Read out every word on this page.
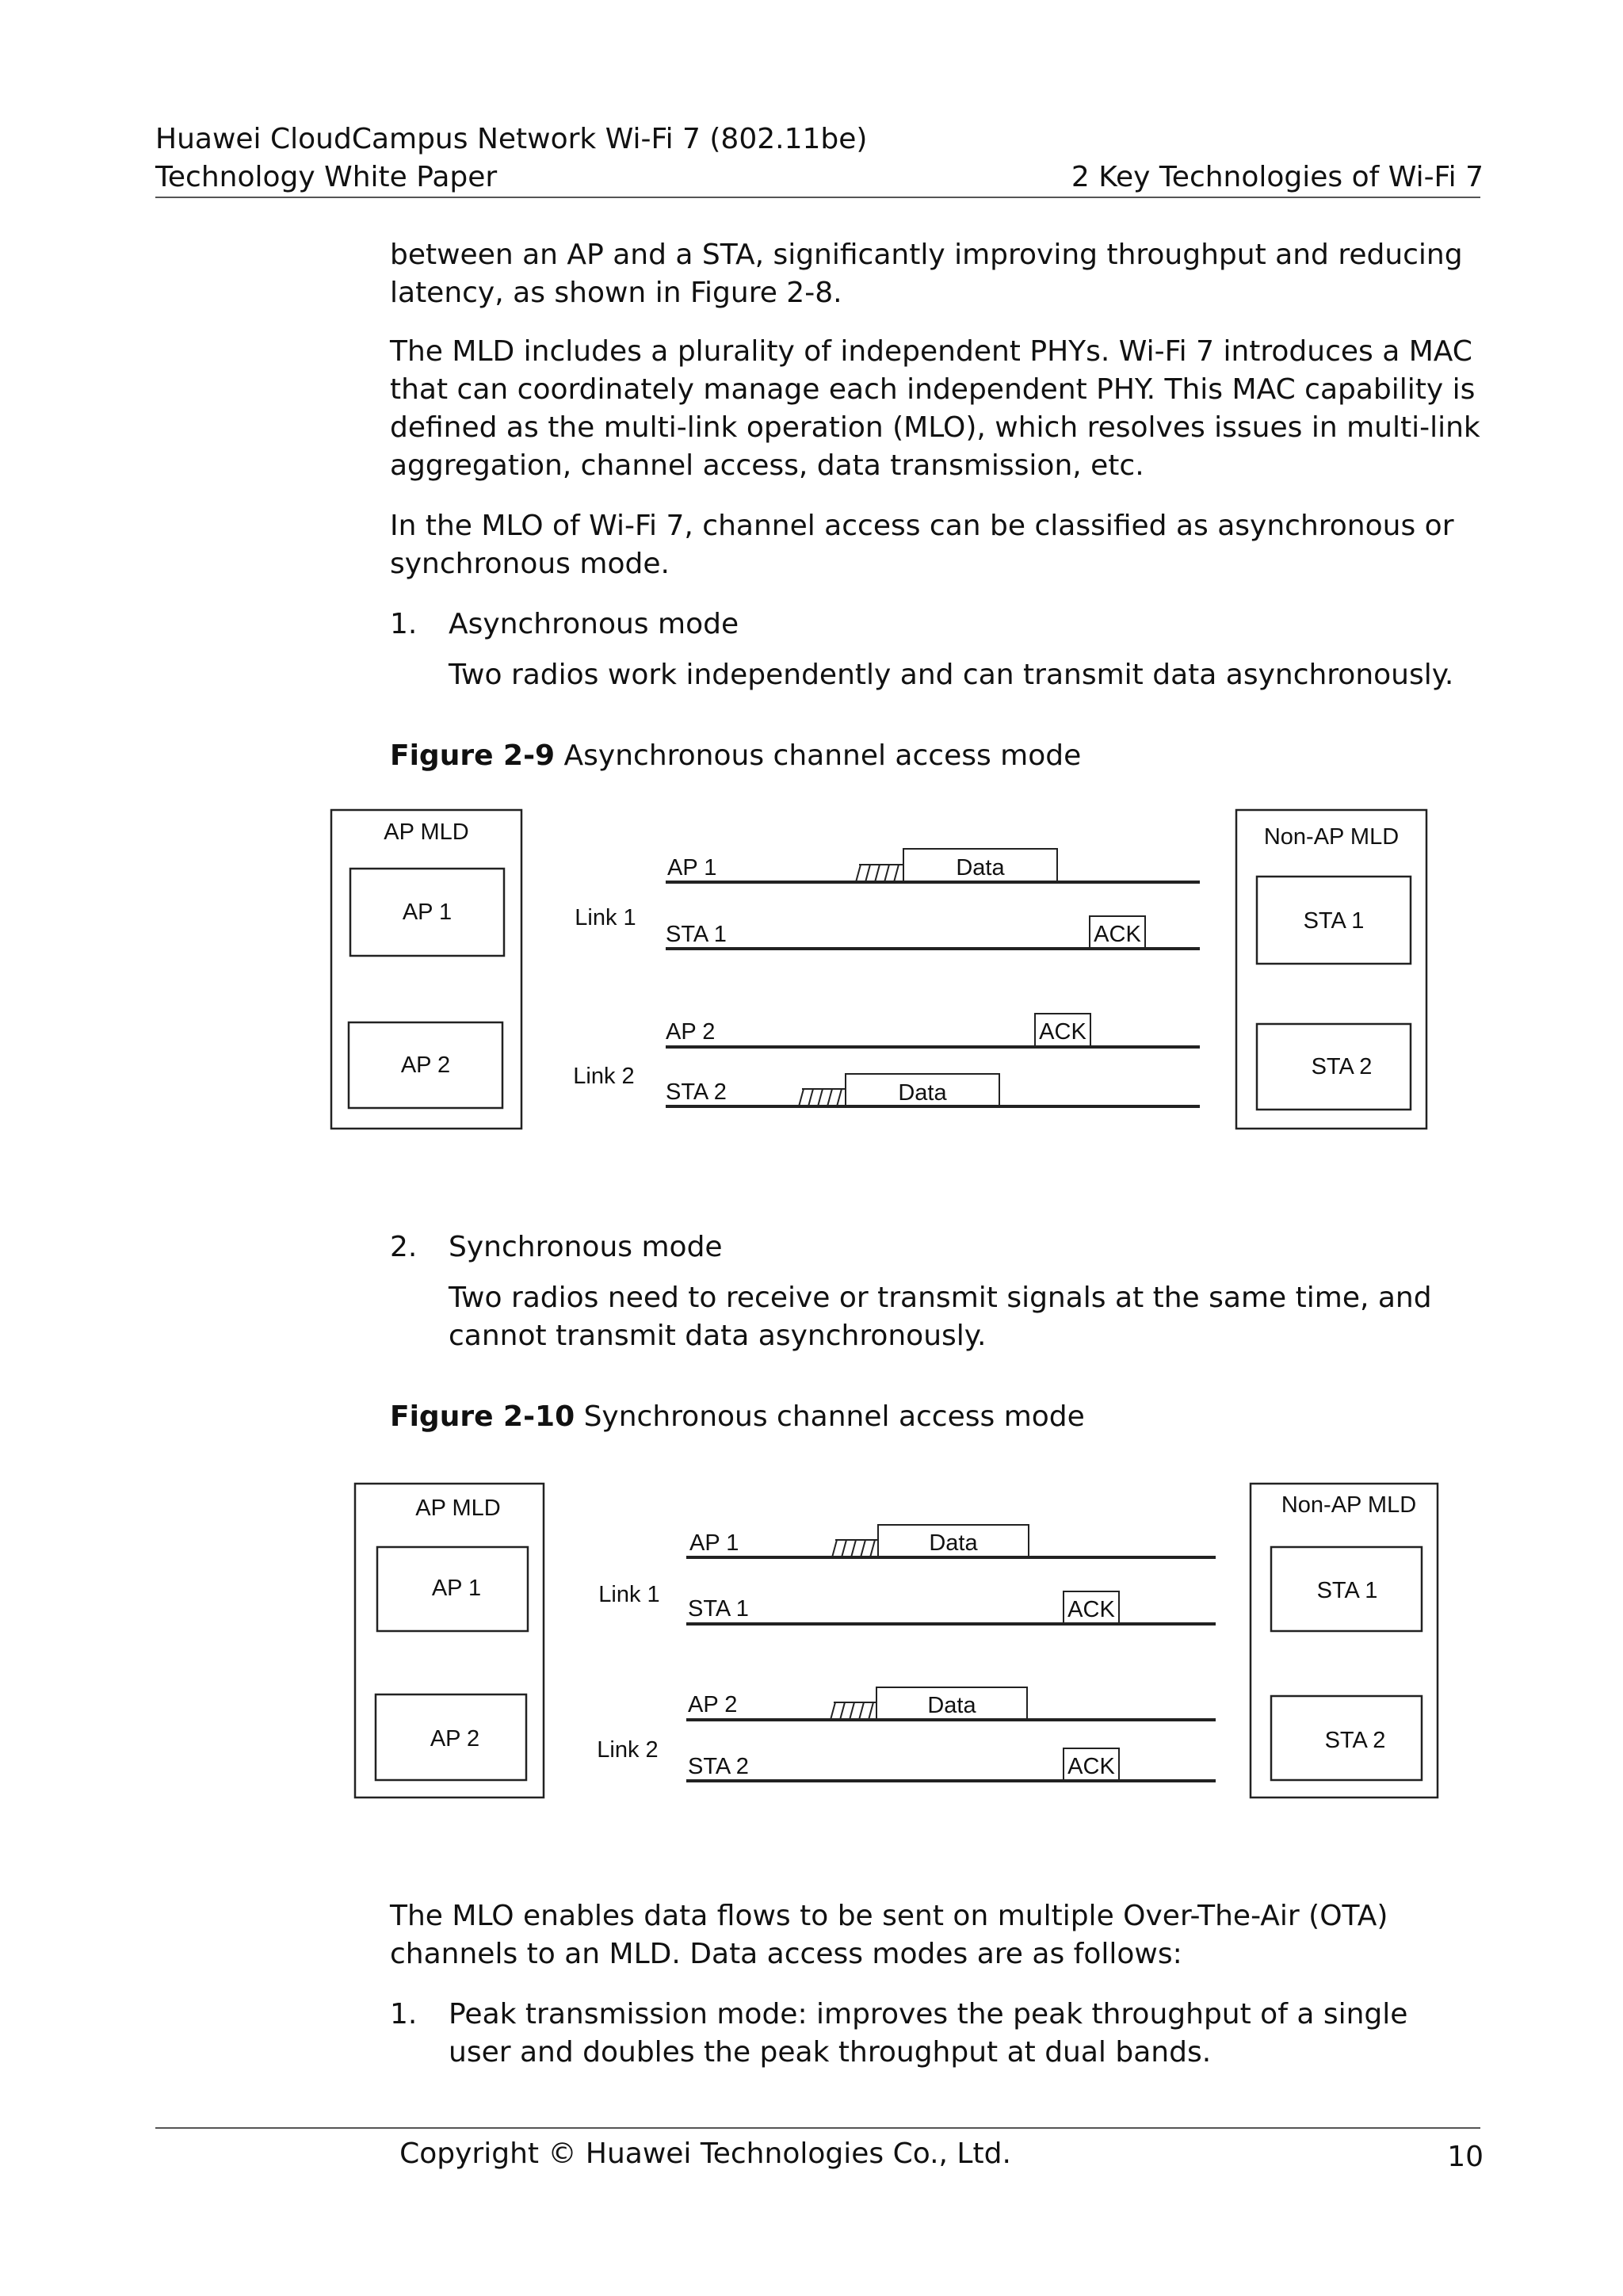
Huawei CloudCampus Network Wi-Fi 7 (802.11be)
Technology White Paper	2 Key Technologies of Wi-Fi 7

between an AP and a STA, significantly improving throughput and reducing latency, as shown in Figure 2-8.

The MLD includes a plurality of independent PHYs. Wi-Fi 7 introduces a MAC that can coordinately manage each independent PHY. This MAC capability is defined as the multi-link operation (MLO), which resolves issues in multi-link aggregation, channel access, data transmission, etc.

In the MLO of Wi-Fi 7, channel access can be classified as asynchronous or synchronous mode.

1. Asynchronous mode
Two radios work independently and can transmit data asynchronously.
Figure 2-9 Asynchronous channel access mode
AP MLD
AP 1
AP 2
Non-AP MLD
STA 1
STA 2
Link 1
Link 2
AP 1
STA 1
AP 2
STA 2
Data
ACK
ACK
Data
2. Synchronous mode
Two radios need to receive or transmit signals at the same time, and cannot transmit data asynchronously.
Figure 2-10 Synchronous channel access mode
AP MLD
AP 1
AP 2
Non-AP MLD
STA 1
STA 2
Link 1
Link 2
AP 1
STA 1
AP 2
STA 2
Data
ACK
Data
ACK

The MLO enables data flows to be sent on multiple Over-The-Air (OTA) channels to an MLD. Data access modes are as follows:

1. Peak transmission mode: improves the peak throughput of a single user and doubles the peak throughput at dual bands.
Copyright © Huawei Technologies Co., Ltd.	10
